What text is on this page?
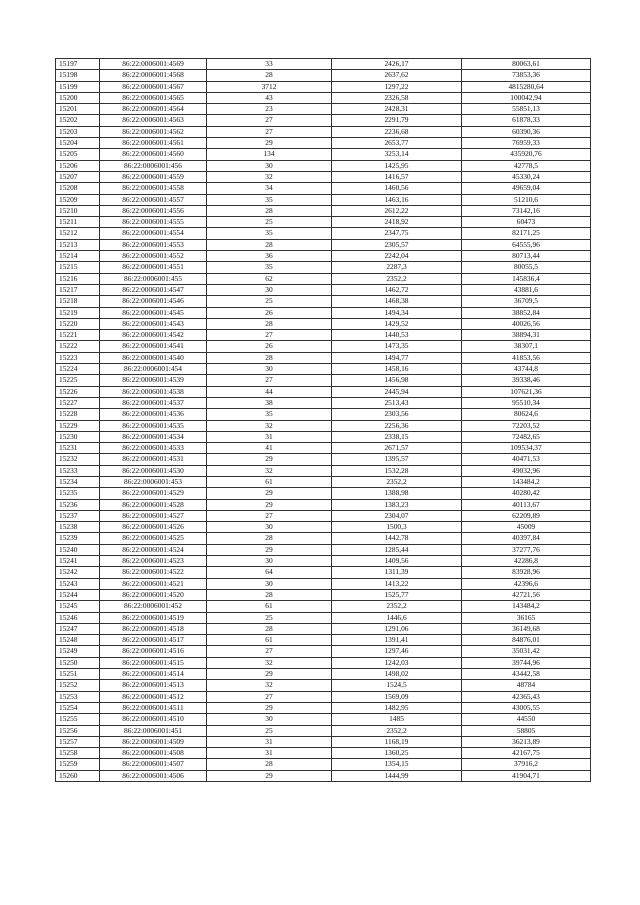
15197	86:22:0006001:4569	33	2426,17	80063,61
15198	86:22:0006001:4568	28	2637,62	73853,36
15199	86:22:0006001:4567	3712	1297,22	4815280,64
15200	86:22:0006001:4565	43	2326,58	100042,94
15201	86:22:0006001:4564	23	2428,31	55851,13
15202	86:22:0006001:4563	27	2291,79	61878,33
15203	86:22:0006001:4562	27	2236,68	60390,36
15204	86:22:0006001:4561	29	2653,77	76959,33
15205	86:22:0006001:4560	134	3253,14	435920,76
15206	86:22:0006001:456	30	1425,95	42778,5
15207	86:22:0006001:4559	32	1416,57	45330,24
15208	86:22:0006001:4558	34	1460,56	49659,04
15209	86:22:0006001:4557	35	1463,16	51210,6
15210	86:22:0006001:4556	28	2612,22	73142,16
15211	86:22:0006001:4555	25	2418,92	60473
15212	86:22:0006001:4554	35	2347,75	82171,25
15213	86:22:0006001:4553	28	2305,57	64555,96
15214	86:22:0006001:4552	36	2242,04	80713,44
15215	86:22:0006001:4551	35	2287,3	80055,5
15216	86:22:0006001:455	62	2352,2	145836,4
15217	86:22:0006001:4547	30	1462,72	43881,6
15218	86:22:0006001:4546	25	1468,38	36709,5
15219	86:22:0006001:4545	26	1494,34	38852,84
15220	86:22:0006001:4543	28	1429,52	40026,56
15221	86:22:0006001:4542	27	1440,53	38894,31
15222	86:22:0006001:4541	26	1473,35	38307,1
15223	86:22:0006001:4540	28	1494,77	41853,56
15224	86:22:0006001:454	30	1458,16	43744,8
15225	86:22:0006001:4539	27	1456,98	39338,46
15226	86:22:0006001:4538	44	2445,94	107621,36
15227	86:22:0006001:4537	38	2513,43	95510,34
15228	86:22:0006001:4536	35	2303,56	80624,6
15229	86:22:0006001:4535	32	2256,36	72203,52
15230	86:22:0006001:4534	31	2338,15	72482,65
15231	86:22:0006001:4533	41	2671,57	109534,37
15232	86:22:0006001:4531	29	1395,57	40471,53
15233	86:22:0006001:4530	32	1532,28	49032,96
15234	86:22:0006001:453	61	2352,2	143484,2
15235	86:22:0006001:4529	29	1388,98	40280,42
15236	86:22:0006001:4528	29	1383,23	40113,67
15237	86:22:0006001:4527	27	2304,07	62209,89
15238	86:22:0006001:4526	30	1500,3	45009
15239	86:22:0006001:4525	28	1442,78	40397,84
15240	86:22:0006001:4524	29	1285,44	37277,76
15241	86:22:0006001:4523	30	1409,56	42286,8
15242	86:22:0006001:4522	64	1311,39	83928,96
15243	86:22:0006001:4521	30	1413,22	42396,6
15244	86:22:0006001:4520	28	1525,77	42721,56
15245	86:22:0006001:452	61	2352,2	143484,2
15246	86:22:0006001:4519	25	1446,6	36165
15247	86:22:0006001:4518	28	1291,06	36149,68
15248	86:22:0006001:4517	61	1391,41	84876,01
15249	86:22:0006001:4516	27	1297,46	35031,42
15250	86:22:0006001:4515	32	1242,03	39744,96
15251	86:22:0006001:4514	29	1498,02	43442,58
15252	86:22:0006001:4513	32	1524,5	48784
15253	86:22:0006001:4512	27	1569,09	42365,43
15254	86:22:0006001:4511	29	1482,95	43005,55
15255	86:22:0006001:4510	30	1485	44550
15256	86:22:0006001:451	25	2352,2	58805
15257	86:22:0006001:4509	31	1168,19	36213,89
15258	86:22:0006001:4508	31	1360,25	42167,75
15259	86:22:0006001:4507	28	1354,15	37916,2
15260	86:22:0006001:4506	29	1444,99	41904,71
